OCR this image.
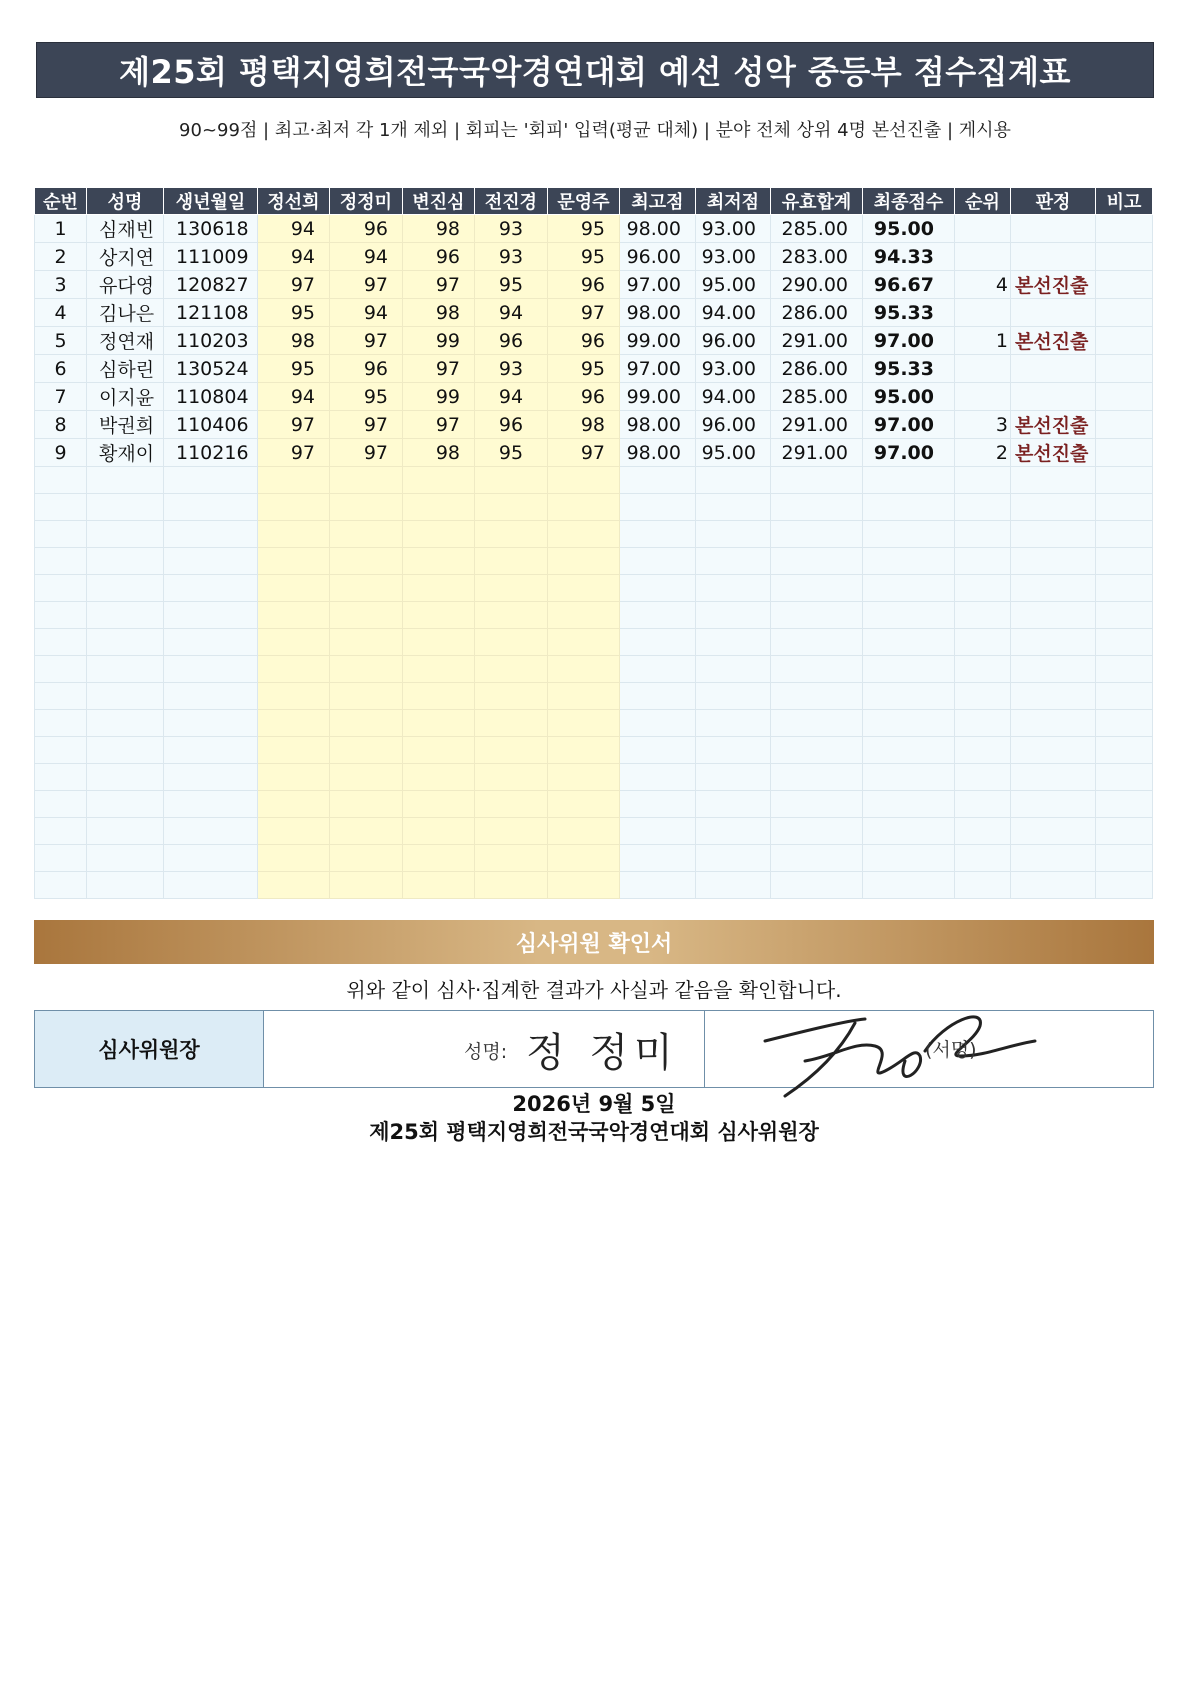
제25회 평택지영희전국국악경연대회 예선 성악 중등부 점수집계표
90~99점 | 최고·최저 각 1개 제외 | 회피는 '회피' 입력(평균 대체) | 분야 전체 상위 4명 본선진출 | 게시용
순번	성명	생년월일	정선희	정정미	변진심	전진경	문영주	최고점	최저점	유효합계	최종점수	순위	판정	비고
1	심재빈	130618	94	96	98	93	95	98.00	93.00	285.00	95.00			
2	상지연	111009	94	94	96	93	95	96.00	93.00	283.00	94.33			
3	유다영	120827	97	97	97	95	96	97.00	95.00	290.00	96.67	4	본선진출	
4	김나은	121108	95	94	98	94	97	98.00	94.00	286.00	95.33			
5	정연재	110203	98	97	99	96	96	99.00	96.00	291.00	97.00	1	본선진출	
6	심하린	130524	95	96	97	93	95	97.00	93.00	286.00	95.33			
7	이지윤	110804	94	95	99	94	96	99.00	94.00	285.00	95.00			
8	박권희	110406	97	97	97	96	98	98.00	96.00	291.00	97.00	3	본선진출	
9	황재이	110216	97	97	98	95	97	98.00	95.00	291.00	97.00	2	본선진출	

심사위원 확인서
위와 같이 심사·집계한 결과가 사실과 같음을 확인합니다.
심사위원장	성명: 정 정미	(서명)
2026년 9월 5일
제25회 평택지영희전국국악경연대회 심사위원장
